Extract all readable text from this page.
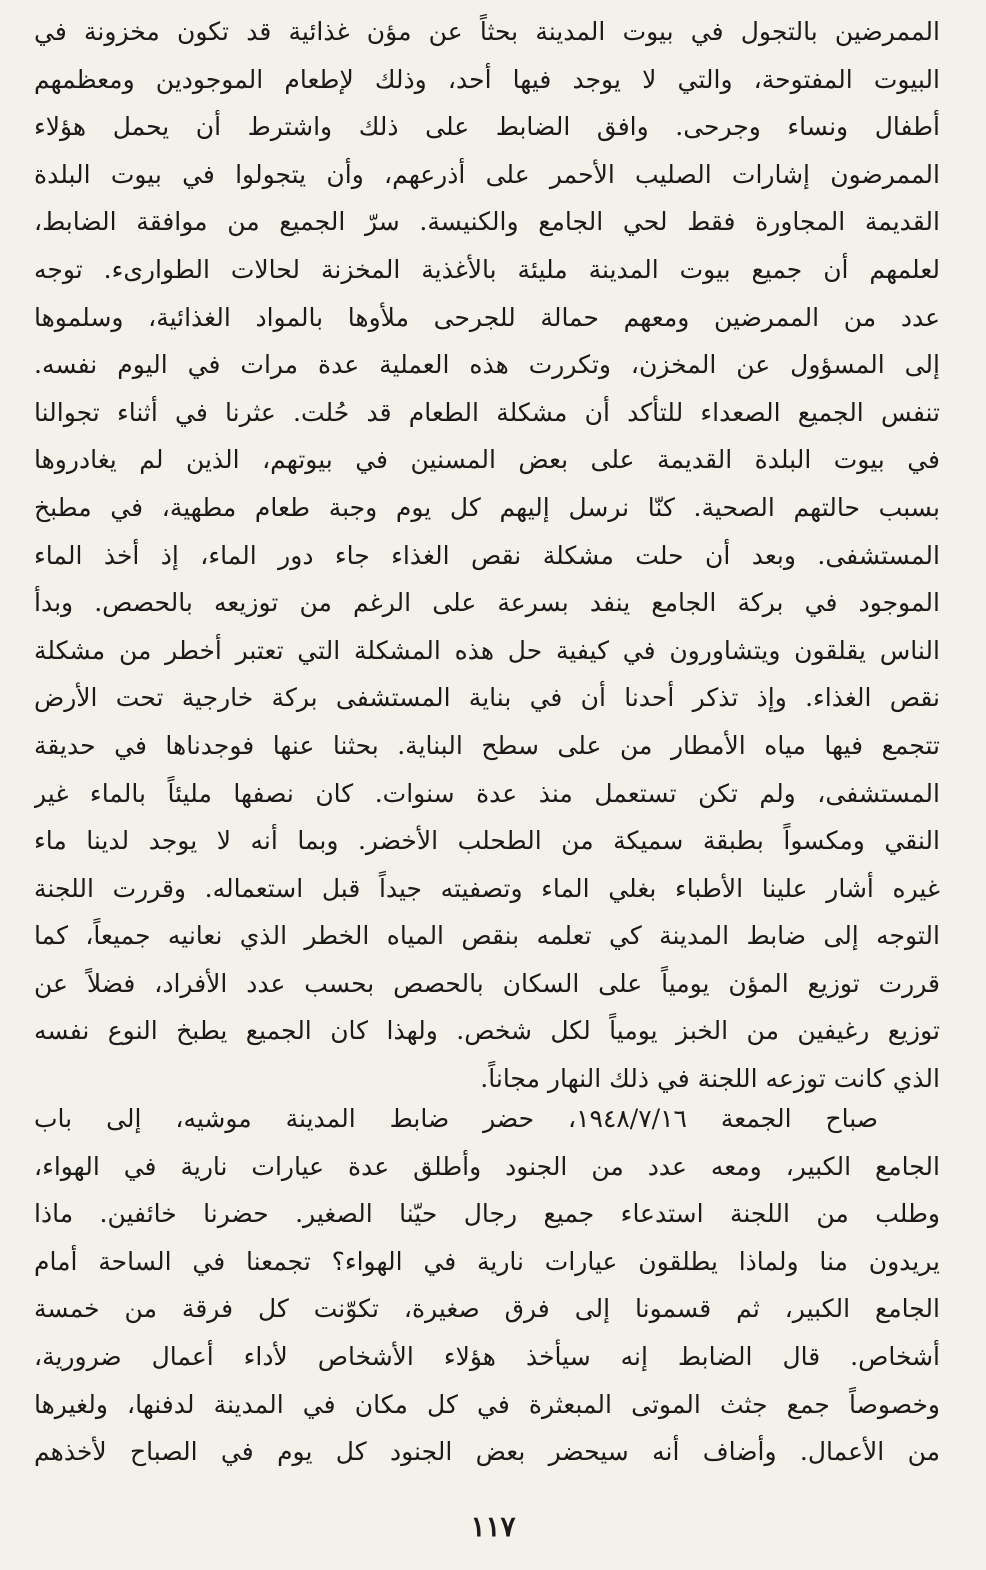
الممرضين بالتجول في بيوت المدينة بحثاً عن مؤن غذائية قد تكون مخزونة في
البيوت المفتوحة، والتي لا يوجد فيها أحد، وذلك لإطعام الموجودين ومعظمهم
أطفال ونساء وجرحى. وافق الضابط على ذلك واشترط أن يحمل هؤلاء
الممرضون إشارات الصليب الأحمر على أذرعهم، وأن يتجولوا في بيوت البلدة
القديمة المجاورة فقط لحي الجامع والكنيسة. سرّ الجميع من موافقة الضابط،
لعلمهم أن جميع بيوت المدينة مليئة بالأغذية المخزنة لحالات الطوارىء. توجه
عدد من الممرضين ومعهم حمالة للجرحى ملأوها بالمواد الغذائية، وسلموها
إلى المسؤول عن المخزن، وتكررت هذه العملية عدة مرات في اليوم نفسه.
تنفس الجميع الصعداء للتأكد أن مشكلة الطعام قد حُلت. عثرنا في أثناء تجوالنا
في بيوت البلدة القديمة على بعض المسنين في بيوتهم، الذين لم يغادروها
بسبب حالتهم الصحية. كنّا نرسل إليهم كل يوم وجبة طعام مطهية، في مطبخ
المستشفى. وبعد أن حلت مشكلة نقص الغذاء جاء دور الماء، إذ أخذ الماء
الموجود في بركة الجامع ينفد بسرعة على الرغم من توزيعه بالحصص. وبدأ
الناس يقلقون ويتشاورون في كيفية حل هذه المشكلة التي تعتبر أخطر من مشكلة
نقص الغذاء. وإذ تذكر أحدنا أن في بناية المستشفى بركة خارجية تحت الأرض
تتجمع فيها مياه الأمطار من على سطح البناية. بحثنا عنها فوجدناها في حديقة
المستشفى، ولم تكن تستعمل منذ عدة سنوات. كان نصفها مليئاً بالماء غير
النقي ومكسواً بطبقة سميكة من الطحلب الأخضر. وبما أنه لا يوجد لدينا ماء
غيره أشار علينا الأطباء بغلي الماء وتصفيته جيداً قبل استعماله. وقررت اللجنة
التوجه إلى ضابط المدينة كي تعلمه بنقص المياه الخطر الذي نعانيه جميعاً، كما
قررت توزيع المؤن يومياً على السكان بالحصص بحسب عدد الأفراد، فضلاً عن
توزيع رغيفين من الخبز يومياً لكل شخص. ولهذا كان الجميع يطبخ النوع نفسه
الذي كانت توزعه اللجنة في ذلك النهار مجاناً.
صباح الجمعة ١٩٤٨/٧/١٦، حضر ضابط المدينة موشيه، إلى باب
الجامع الكبير، ومعه عدد من الجنود وأطلق عدة عيارات نارية في الهواء،
وطلب من اللجنة استدعاء جميع رجال حيّنا الصغير. حضرنا خائفين. ماذا
يريدون منا ولماذا يطلقون عيارات نارية في الهواء؟ تجمعنا في الساحة أمام
الجامع الكبير، ثم قسمونا إلى فرق صغيرة، تكوّنت كل فرقة من خمسة
أشخاص. قال الضابط إنه سيأخذ هؤلاء الأشخاص لأداء أعمال ضرورية،
وخصوصاً جمع جثث الموتى المبعثرة في كل مكان في المدينة لدفنها، ولغيرها
من الأعمال. وأضاف أنه سيحضر بعض الجنود كل يوم في الصباح لأخذهم
١١٧
